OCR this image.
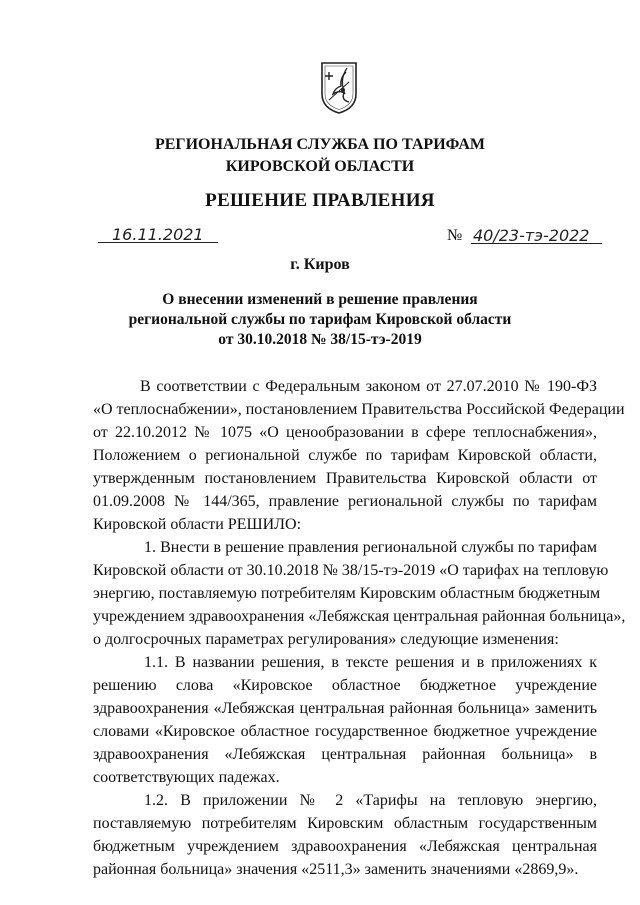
РЕГИОНАЛЬНАЯ СЛУЖБА ПО ТАРИФАМ
КИРОВСКОЙ ОБЛАСТИ
РЕШЕНИЕ ПРАВЛЕНИЯ
16.11.2021	№ 40/23-тэ-2022
г. Киров
О внесении изменений в решение правления
региональной службы по тарифам Кировской области
от 30.10.2018 № 38/15-тэ-2019
В соответствии с Федеральным законом от 27.07.2010 № 190-ФЗ
«О теплоснабжении», постановлением Правительства Российской Федерации
от 22.10.2012 № 1075 «О ценообразовании в сфере теплоснабжения»,
Положением о региональной службе по тарифам Кировской области,
утвержденным постановлением Правительства Кировской области от
01.09.2008 № 144/365, правление региональной службы по тарифам
Кировской области РЕШИЛО:
1. Внести в решение правления региональной службы по тарифам
Кировской области от 30.10.2018 № 38/15-тэ-2019 «О тарифах на тепловую
энергию, поставляемую потребителям Кировским областным бюджетным
учреждением здравоохранения «Лебяжская центральная районная больница»,
о долгосрочных параметрах регулирования» следующие изменения:
1.1. В названии решения, в тексте решения и в приложениях к
решению слова «Кировское областное бюджетное учреждение
здравоохранения «Лебяжская центральная районная больница» заменить
словами «Кировское областное государственное бюджетное учреждение
здравоохранения «Лебяжская центральная районная больница» в
соответствующих падежах.
1.2. В приложении № 2 «Тарифы на тепловую энергию,
поставляемую потребителям Кировским областным государственным
бюджетным учреждением здравоохранения «Лебяжская центральная
районная больница» значения «2511,3» заменить значениями «2869,9».
